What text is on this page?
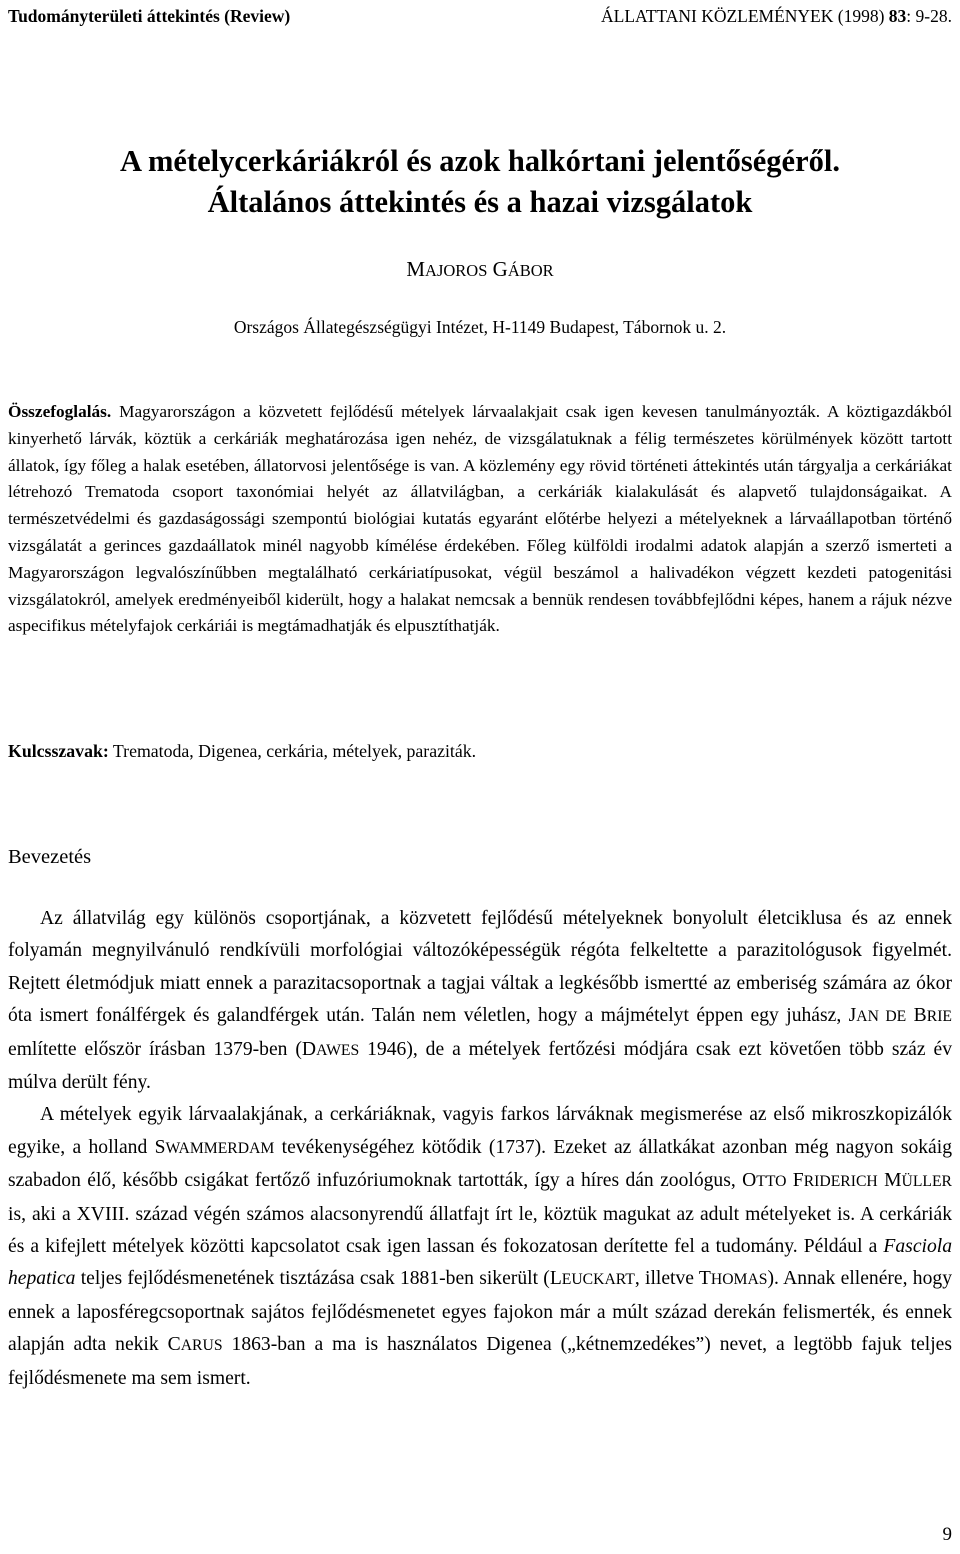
Tudományterületi áttekintés (Review)	ÁLLATTANI KÖZLEMÉNYEK (1998) 83: 9-28.
A mételycerkáriákról és azok halkórtani jelentőségéről.
Általános áttekintés és a hazai vizsgálatok
MAJOROS GÁBOR
Országos Állategészségügyi Intézet, H-1149 Budapest, Tábornok u. 2.
Összefoglalás. Magyarországon a közvetett fejlődésű mételyek lárvaalakjait csak igen kevesen tanulmányozták. A köztigazdákból kinyerhető lárvák, köztük a cerkáriák meghatározása igen nehéz, de vizsgálatuknak a félig természetes körülmények között tartott állatok, így főleg a halak esetében, állatorvosi jelentősége is van. A közlemény egy rövid történeti áttekintés után tárgyalja a cerkáriákat létrehozó Trematoda csoport taxonómiai helyét az állatvilágban, a cerkáriák kialakulását és alapvető tulajdonságaikat. A természetvédelmi és gazdaságossági szempontú biológiai kutatás egyaránt előtérbe helyezi a mételyeknek a lárvaállapotban történő vizsgálatát a gerinces gazdaállatok minél nagyobb kímélése érdekében. Főleg külföldi irodalmi adatok alapján a szerző ismerteti a Magyarországon legvalószínűbben megtalálható cerkáriatípusokat, végül beszámol a halivadékon végzett kezdeti patogenitási vizsgálatokról, amelyek eredményeiből kiderült, hogy a halakat nemcsak a bennük rendesen továbbfejlődni képes, hanem a rájuk nézve aspecifikus mételyfajok cerkáriái is megtámadhatják és elpusztíthatják.
Kulcsszavak: Trematoda, Digenea, cerkária, mételyek, paraziták.
Bevezetés

Az állatvilág egy különös csoportjának, a közvetett fejlődésű mételyeknek bonyolult életciklusa és az ennek folyamán megnyilvánuló rendkívüli morfológiai változóképességük régóta felkeltette a parazitológusok figyelmét. Rejtett életmódjuk miatt ennek a parazitacsoportnak a tagjai váltak a legkésőbb ismertté az emberiség számára az ókor óta ismert fonálférgek és galandférgek után. Talán nem véletlen, hogy a májmételyt éppen egy juhász, JAN DE BRIE említette először írásban 1379-ben (DAWES 1946), de a mételyek fertőzési módjára csak ezt követően több száz év múlva derült fény.

A mételyek egyik lárvaalakjának, a cerkáriáknak, vagyis farkos lárváknak megismerése az első mikroszkopizálók egyike, a holland SWAMMERDAM tevékenységéhez kötődik (1737). Ezeket az állatkákat azonban még nagyon sokáig szabadon élő, később csigákat fertőző infuzóriumoknak tartották, így a híres dán zoológus, OTTO FRIDERICH MÜLLER is, aki a XVIII. század végén számos alacsonyrendű állatfajt írt le, köztük magukat az adult mételyeket is. A cerkáriák és a kifejlett mételyek közötti kapcsolatot csak igen lassan és fokozatosan derítette fel a tudomány. Például a Fasciola hepatica teljes fejlődésmenetének tisztázása csak 1881-ben sikerült (LEUCKART, illetve THOMAS). Annak ellenére, hogy ennek a laposféregcsoportnak sajátos fejlődésmenetet egyes fajokon már a múlt század derekán felismerték, és ennek alapján adta nekik CARUS 1863-ban a ma is használatos Digenea („kétnemzedékes”) nevet, a legtöbb fajuk teljes fejlődésmenete ma sem ismert.

9
